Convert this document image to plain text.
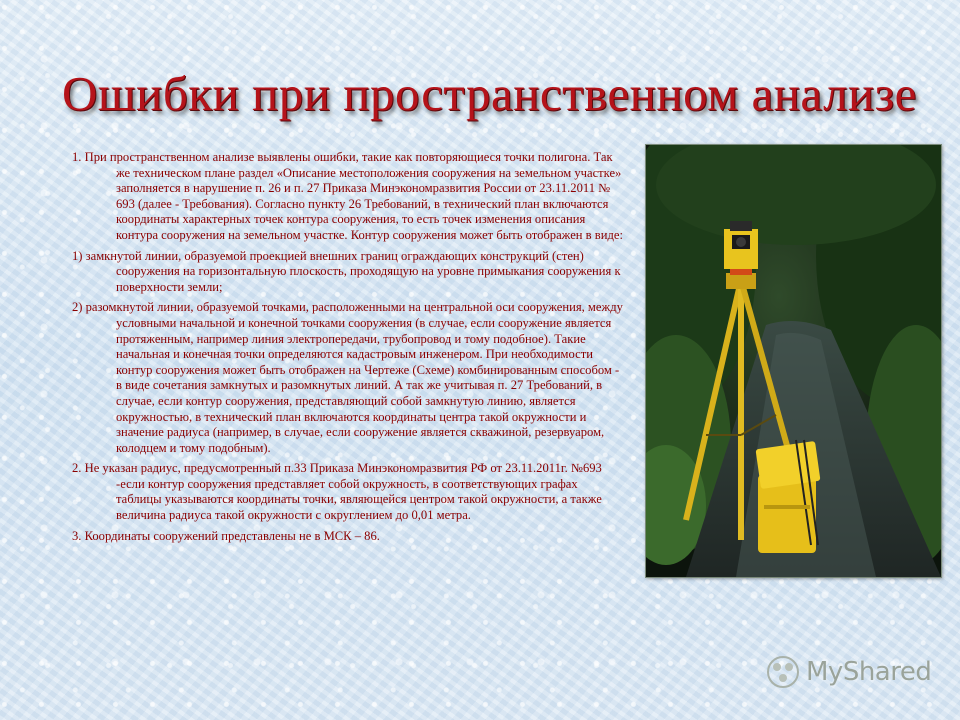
Ошибки при пространственном анализе

1. При пространственном анализе выявлены ошибки, такие как повторяющиеся точки полигона. Так же техническом плане раздел «Описание местоположения сооружения на земельном участке» заполняется в нарушение п. 26 и п. 27 Приказа Минэкономразвития России от 23.11.2011 № 693 (далее - Требования). Согласно пункту 26 Требований, в технический план включаются координаты характерных точек контура сооружения, то есть точек изменения описания контура сооружения на земельном участке. Контур сооружения может быть отображен в виде:

1) замкнутой линии, образуемой проекцией внешних границ ограждающих конструкций (стен) сооружения на горизонтальную плоскость, проходящую на уровне примыкания сооружения к поверхности земли;

2) разомкнутой линии, образуемой точками, расположенными на центральной оси сооружения, между условными начальной и конечной точками сооружения (в случае, если сооружение является протяженным, например линия электропередачи, трубопровод и тому подобное). Такие начальная и конечная точки определяются кадастровым инженером. При необходимости контур сооружения может быть отображен на Чертеже (Схеме) комбинированным способом - в виде сочетания замкнутых и разомкнутых линий. А так же учитывая п. 27 Требований, в случае, если контур сооружения, представляющий собой замкнутую линию, является окружностью, в технический план включаются координаты центра такой окружности и значение радиуса (например, в случае, если сооружение является скважиной, резервуаром, колодцем и тому подобным).

2. Не указан радиус, предусмотренный п.33 Приказа Минэкономразвития РФ от 23.11.2011г. №693 -если контур сооружения представляет собой окружность, в соответствующих графах таблицы указываются координаты точки, являющейся центром такой окружности, а также величина радиуса такой окружности с округлением до 0,01 метра.

3. Координаты сооружений представлены не в МСК – 86.

MyShared
